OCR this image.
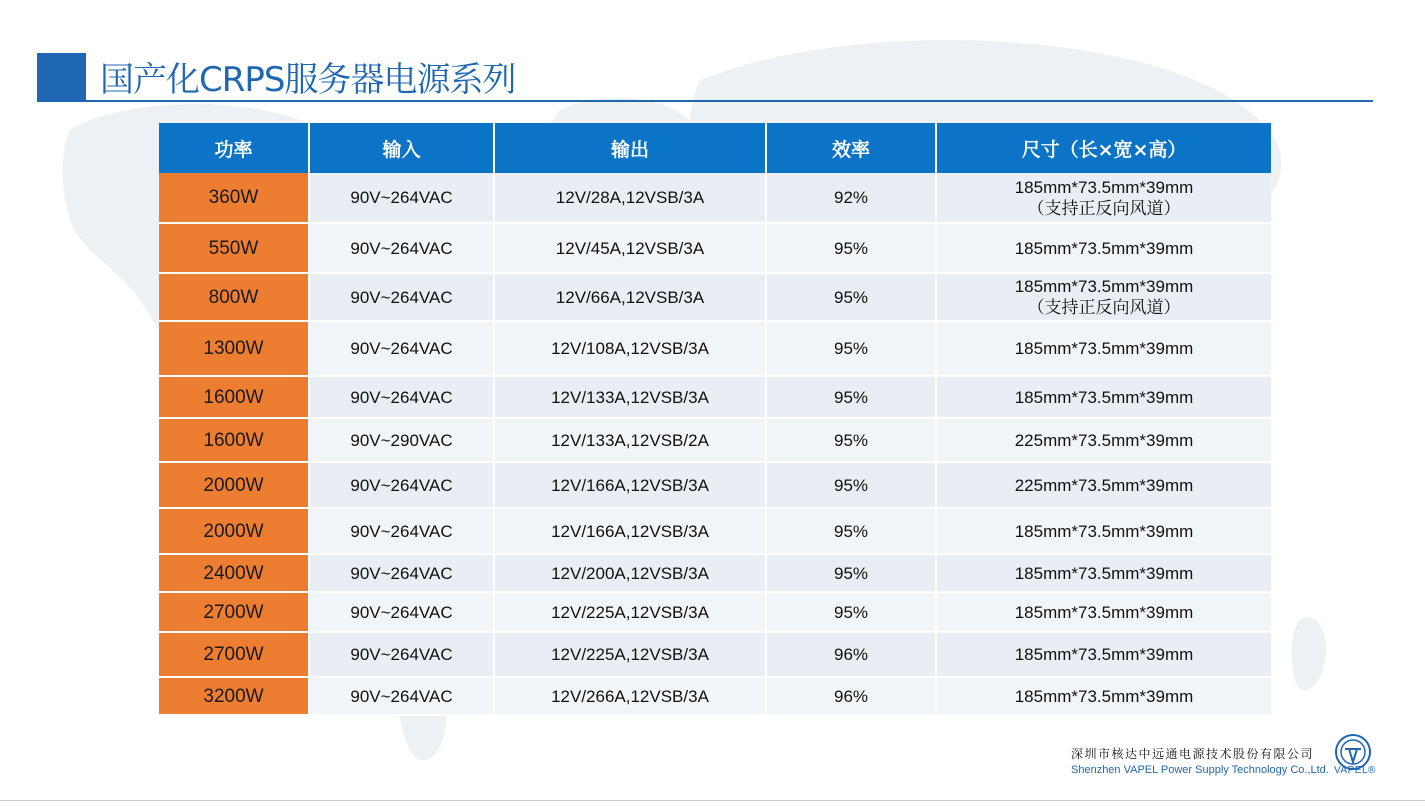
国产化CRPS服务器电源系列
功率	输入	输出	效率	尺寸（长×宽×高）
360W	90V~264VAC	12V/28A,12VSB/3A	92%	185mm*73.5mm*39mm
（支持正反向风道）

550W	90V~264VAC	12V/45A,12VSB/3A	95%	185mm*73.5mm*39mm
800W	90V~264VAC	12V/66A,12VSB/3A	95%	185mm*73.5mm*39mm
（支持正反向风道）

1300W	90V~264VAC	12V/108A,12VSB/3A	95%	185mm*73.5mm*39mm
1600W	90V~264VAC	12V/133A,12VSB/3A	95%	185mm*73.5mm*39mm
1600W	90V~290VAC	12V/133A,12VSB/2A	95%	225mm*73.5mm*39mm
2000W	90V~264VAC	12V/166A,12VSB/3A	95%	225mm*73.5mm*39mm
2000W	90V~264VAC	12V/166A,12VSB/3A	95%	185mm*73.5mm*39mm
2400W	90V~264VAC	12V/200A,12VSB/3A	95%	185mm*73.5mm*39mm
2700W	90V~264VAC	12V/225A,12VSB/3A	95%	185mm*73.5mm*39mm
2700W	90V~264VAC	12V/225A,12VSB/3A	96%	185mm*73.5mm*39mm
3200W	90V~264VAC	12V/266A,12VSB/3A	96%	185mm*73.5mm*39mm
深圳市核达中远通电源技术股份有限公司
Shenzhen VAPEL Power Supply Technology Co.,Ltd. VAPEL®
